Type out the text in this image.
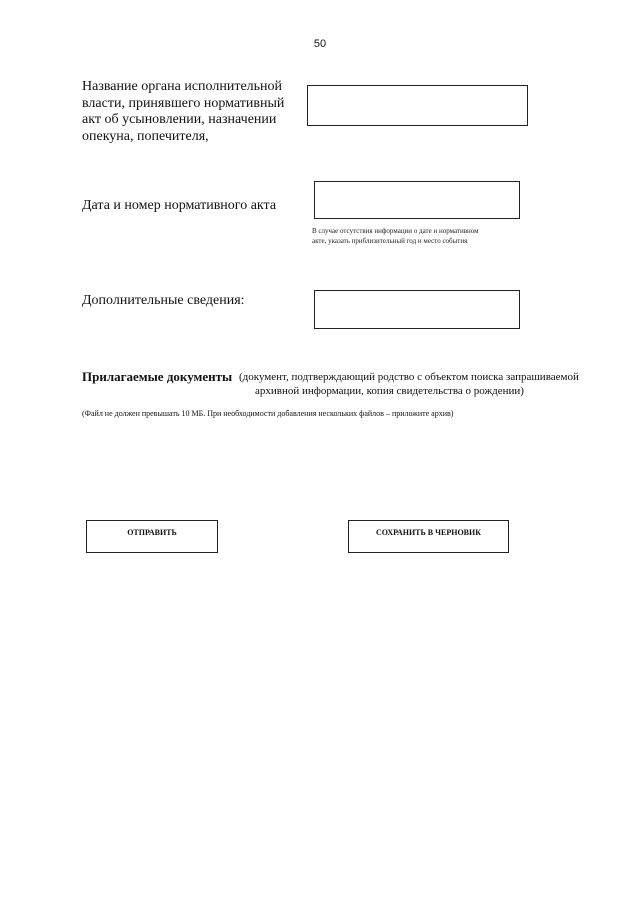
50
Название органа исполнительной
власти, принявшего нормативный
акт об усыновлении, назначении
опекуна, попечителя,
Дата и номер нормативного акта
В случае отсутствия информации о дате и нормативном
акте, указать приблизительный год и место события
Дополнительные сведения:
Прилагаемые документы (документ, подтверждающий родство с объектом поиска запрашиваемой
архивной информации, копия свидетельства о рождении)
(Файл не должен превышать 10 МБ. При необходимости добавления нескольких файлов – приложите архив)
ОТПРАВИТЬ	СОХРАНИТЬ В ЧЕРНОВИК
